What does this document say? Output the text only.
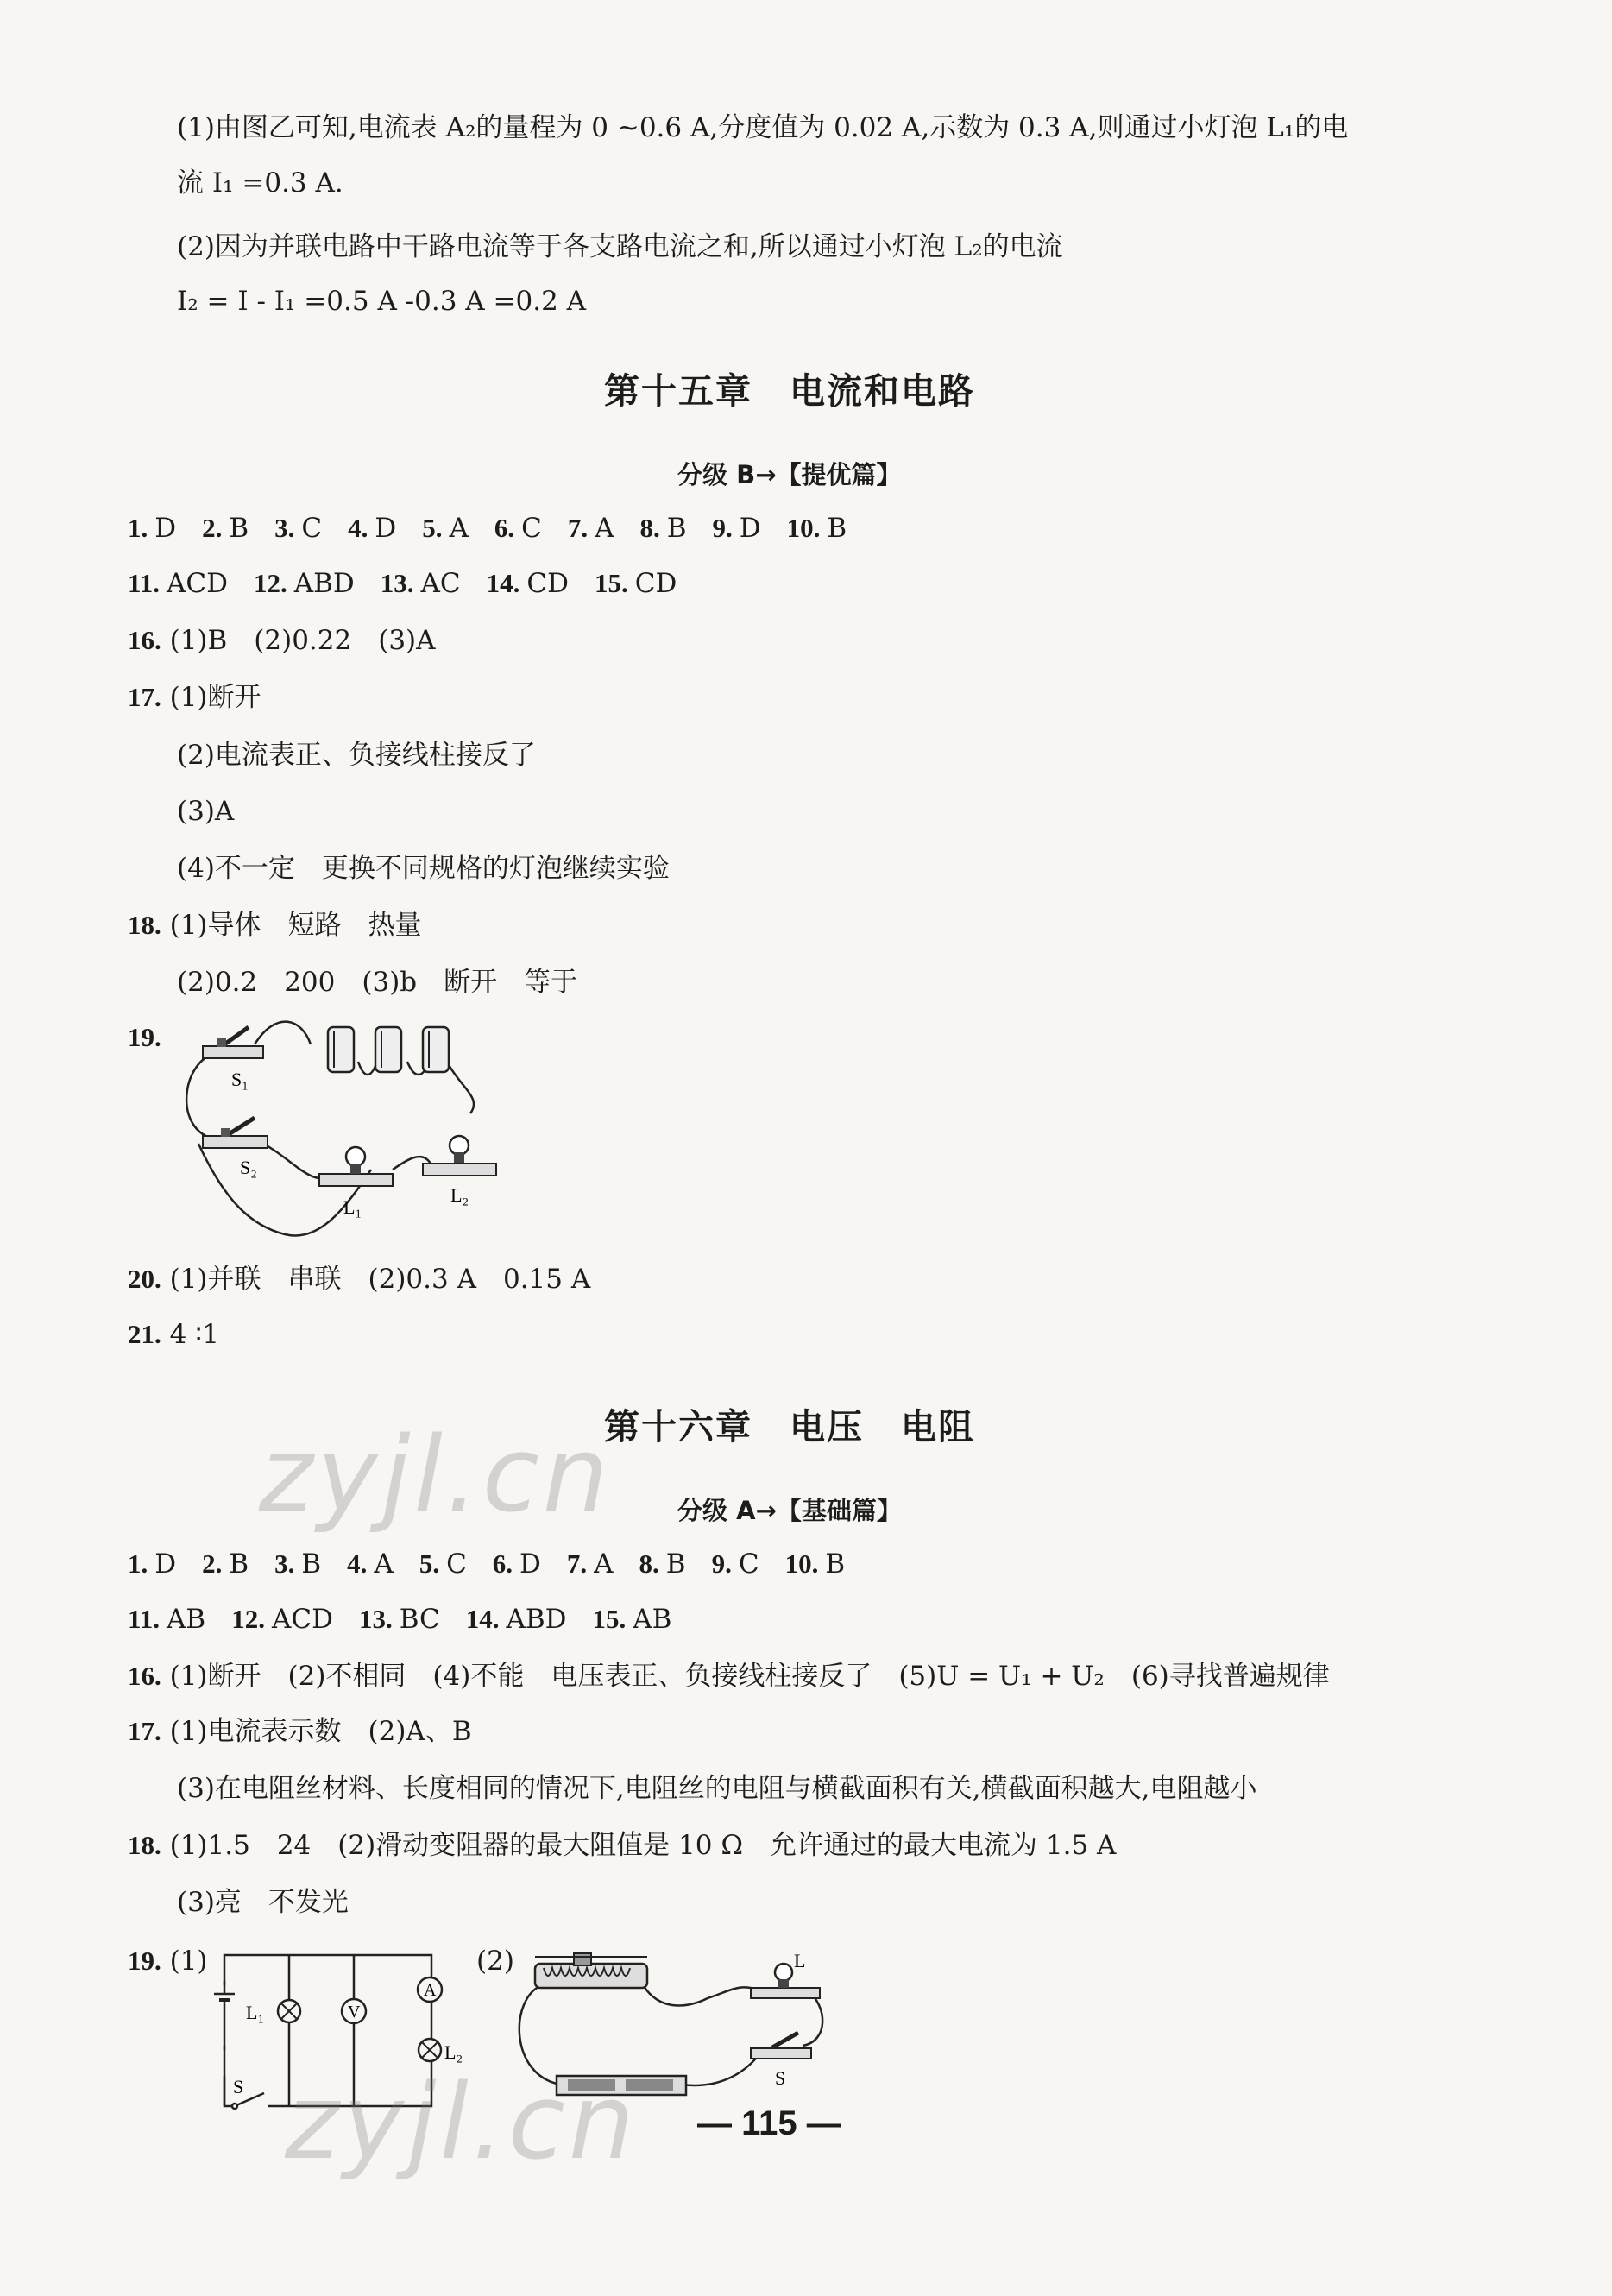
(1)由图乙可知,电流表 A₂的量程为 0 ~0.6 A,分度值为 0.02 A,示数为 0.3 A,则通过小灯泡 L₁的电
流 I₁ =0.3 A.
(2)因为并联电路中干路电流等于各支路电流之和,所以通过小灯泡 L₂的电流
I₂ = I - I₁ =0.5 A -0.3 A =0.2 A
第十五章　电流和电路
分级 B→【提优篇】
1. D 2. B 3. C 4. D 5. A 6. C 7. A 8. B 9. D 10. B
11. ACD 12. ABD 13. AC 14. CD 15. CD
16. (1)B　(2)0.22　(3)A
17. (1)断开
(2)电流表正、负接线柱接反了
(3)A
(4)不一定　更换不同规格的灯泡继续实验
18. (1)导体　短路　热量
(2)0.2　200　(3)b　断开　等于
19.
S₁
S₂
L₁
L₂
20. (1)并联　串联　(2)0.3 A　0.15 A
21. 4 ∶1
第十六章　电压　电阻
分级 A→【基础篇】
1. D 2. B 3. B 4. A 5. C 6. D 7. A 8. B 9. C 10. B
11. AB 12. ACD 13. BC 14. ABD 15. AB
16. (1)断开　(2)不相同　(4)不能　电压表正、负接线柱接反了　(5)U = U₁ + U₂　(6)寻找普遍规律
17. (1)电流表示数　(2)A、B
(3)在电阻丝材料、长度相同的情况下,电阻丝的电阻与横截面积有关,横截面积越大,电阻越小
18. (1)1.5　24　(2)滑动变阻器的最大阻值是 10 Ω　允许通过的最大电流为 1.5 A
(3)亮　不发光
19. (1)
L₁	V
A
L₂
S
(2)	L
S
zyjl.cn
zyjl.cn — 115 —
